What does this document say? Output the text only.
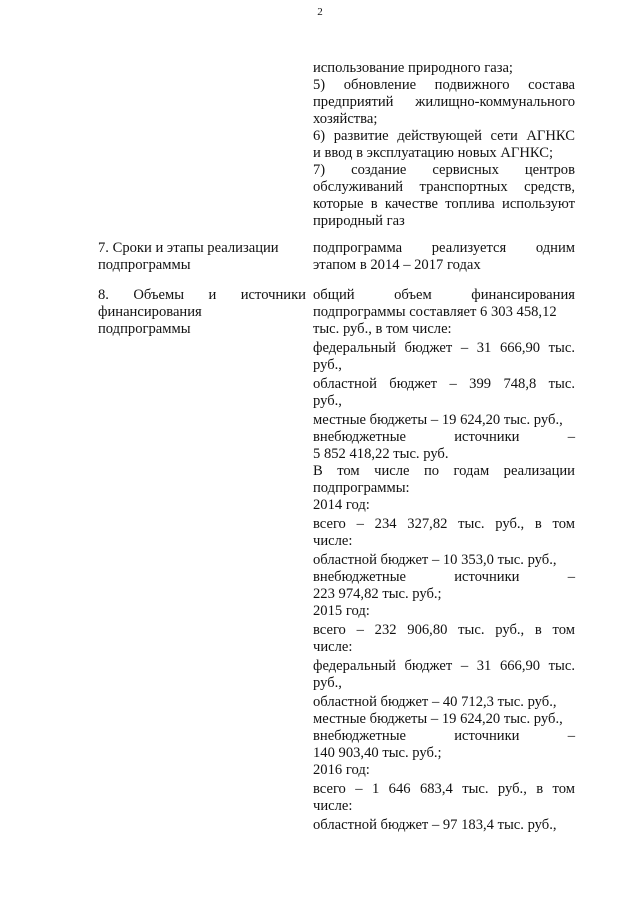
2
использование природного газа;
5) обновление подвижного состава
предприятий жилищно-коммунального
хозяйства;
6) развитие действующей сети АГНКС
и ввод в эксплуатацию новых АГНКС;
7) создание сервисных центров
обслуживаний транспортных средств,
которые в качестве топлива используют
природный газ
7. Сроки и этапы реализации
подпрограммы
подпрограмма реализуется одним
этапом в 2014 – 2017 годах
8. Объемы и источники
финансирования
подпрограммы
общий объем финансирования
подпрограммы составляет 6 303 458,12
тыс. руб., в том числе:
федеральный бюджет – 31 666,90 тыс.
руб.,
областной бюджет – 399 748,8 тыс.
руб.,
местные бюджеты – 19 624,20 тыс. руб.,
внебюджетные источники –
5 852 418,22 тыс. руб.
В том числе по годам реализации
подпрограммы:
2014 год:
всего – 234 327,82 тыс. руб., в том
числе:
областной бюджет – 10 353,0 тыс. руб.,
внебюджетные источники –
223 974,82 тыс. руб.;
2015 год:
всего – 232 906,80 тыс. руб., в том
числе:
федеральный бюджет – 31 666,90 тыс.
руб.,
областной бюджет – 40 712,3 тыс. руб.,
местные бюджеты – 19 624,20 тыс. руб.,
внебюджетные источники –
140 903,40 тыс. руб.;
2016 год:
всего – 1 646 683,4 тыс. руб., в том
числе:
областной бюджет – 97 183,4 тыс. руб.,
